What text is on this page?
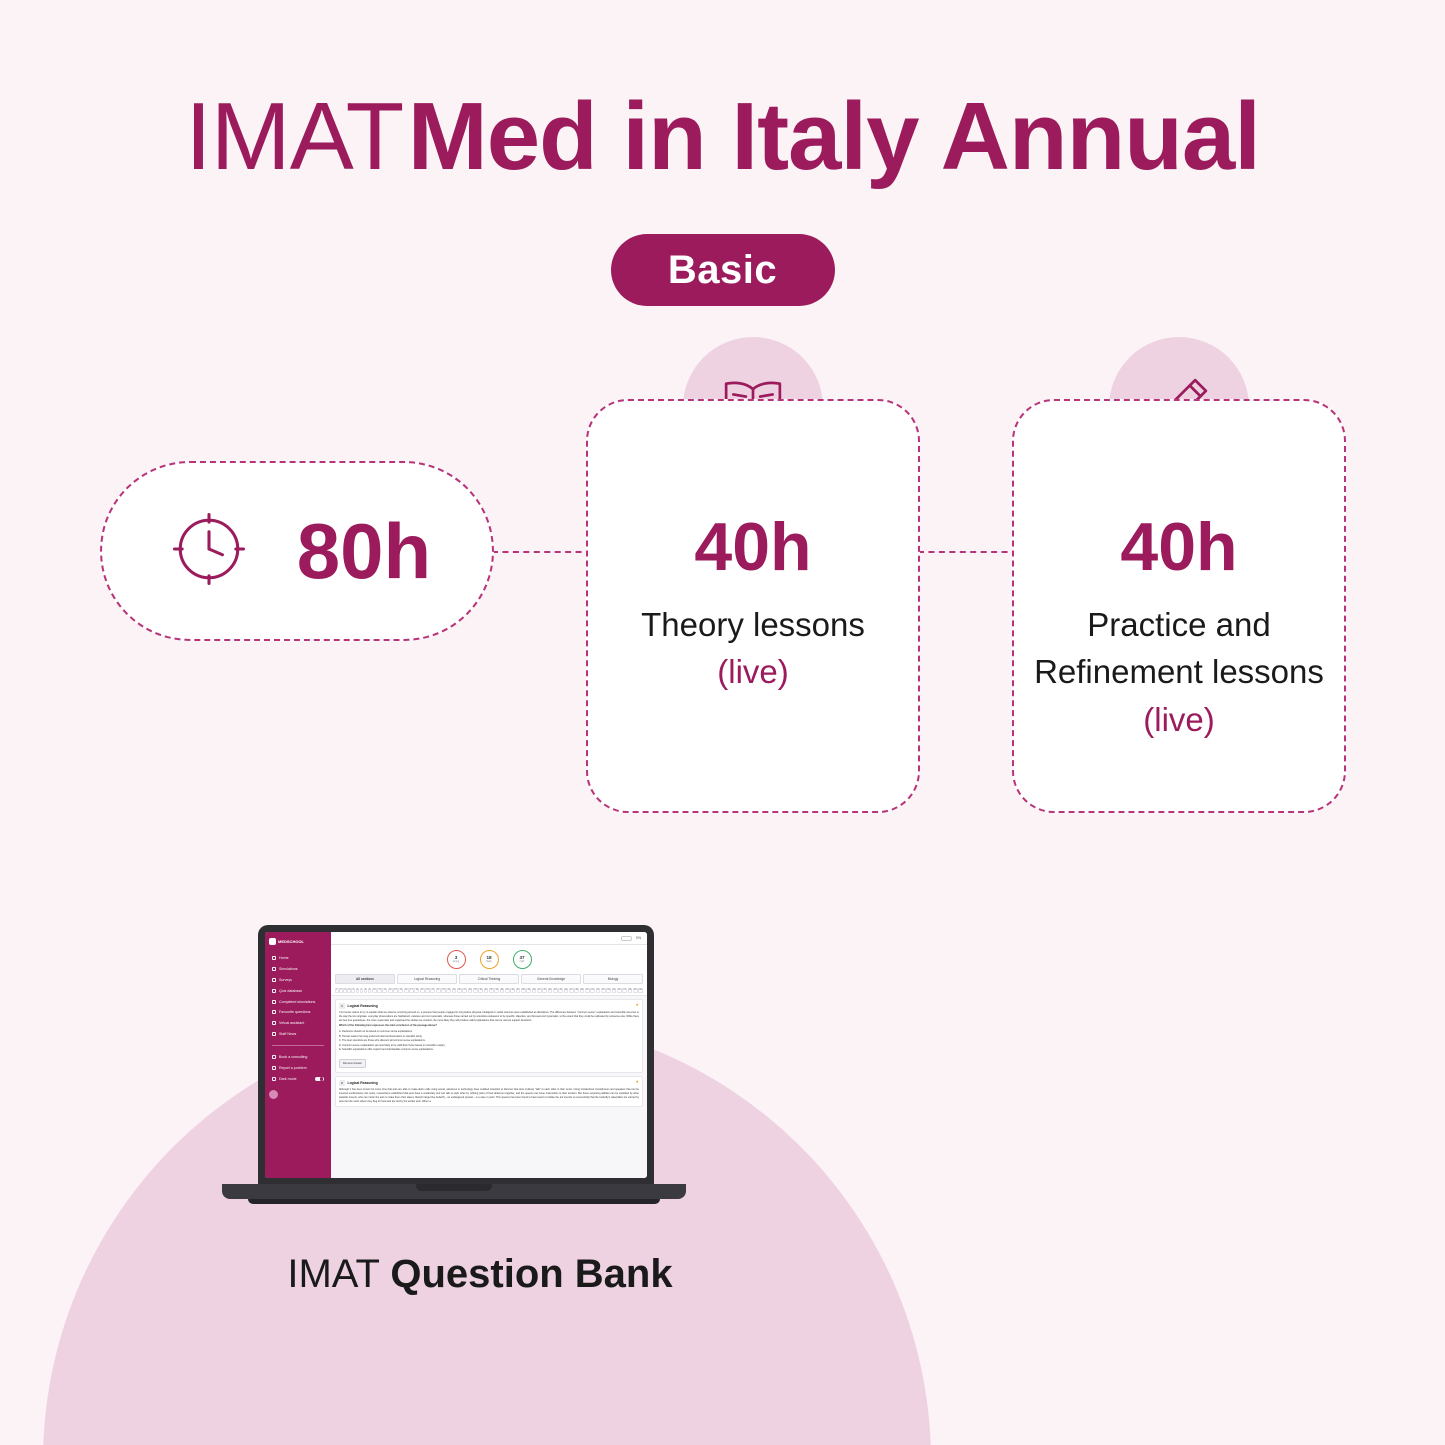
IMAT Med in Italy Annual
Basic
80h	40h
Theory lessons
(live)
40h
Practice and Refinement lessons (live)
MEDSCHOOL
Home
Simulations
Surveys
Quiz database
Completed simulations
Favourite questions
Virtual assistant
Staff News
Book a consulting
Report a problem
Dark mode
EN
3
wrong
18
blank
37
right
All sections	Logical Reasoning	Critical Thinking	General Knowledge	Biology
1	2	3	4	5	6	7	8	9	10	11	12	13	14	15	16	17	18	19	20	21	22	23	24	25	26	27	28	29	30	31	32	33	34	35	36	37	38	39	40	41	42	43	44	45	46	47	48	49	50	51	52	53	54	55	56	57	58	59	60
★
1	Logical Reasoning
It is human nature to try to explain what we observe occurring around us, a process that people engaged in long before physical, biological or social sciences were established as disciplines. The difference between "common sense" explanations and scientific ones lies in the way the two originate: everyday observations are haphazard, careless and not systematic, whereas those carried out by scientists endeavour to be specific, objective, and focused and systematic, to the extent that they could be replicated by someone else. While there are few true guarantees, the more systematic and organised the studies we conduct, the more likely they will produce valid explanations that can be used to support decisions.
Which of the following best expresses the main conclusion of the passage above?
A. Decisions should not be based on common sense explanations.
B. Human nature has long preferred informal observation to scientific study.
C. The best scientists are those who discount all common sense explanations.
D. Common sense explanations are less likely to be valid than those based on scientific enquiry.
E. Scientific explanations offer support and substantiate common sense explanations.
Remove Answer
★
2	Logical Reasoning
Although it has been known for some time that ants are able to make alarm calls using sound, advances in technology have enabled scientists to discover that ants routinely "talk" to each other in their nests. Using miniaturized microphones and speakers that can be inserted unobtrusively into nests, researchers established that ants have a vocabulary and can talk to each other by rubbing parts of their abdomen together, and the queens can issue instructions to their workers. But these surprising abilities can be exploited by other parasitic insects, who can mimic the ants to make them their slaves. Rebel's large blue butterfly - an endangered species - is a case in point. This species has been found to have learnt to imitate the ant sounds so successfully that the butterfly's caterpillars are carried by ants into the nests where they beg for food and are fed by the worker ants. When a
IMAT Question Bank
